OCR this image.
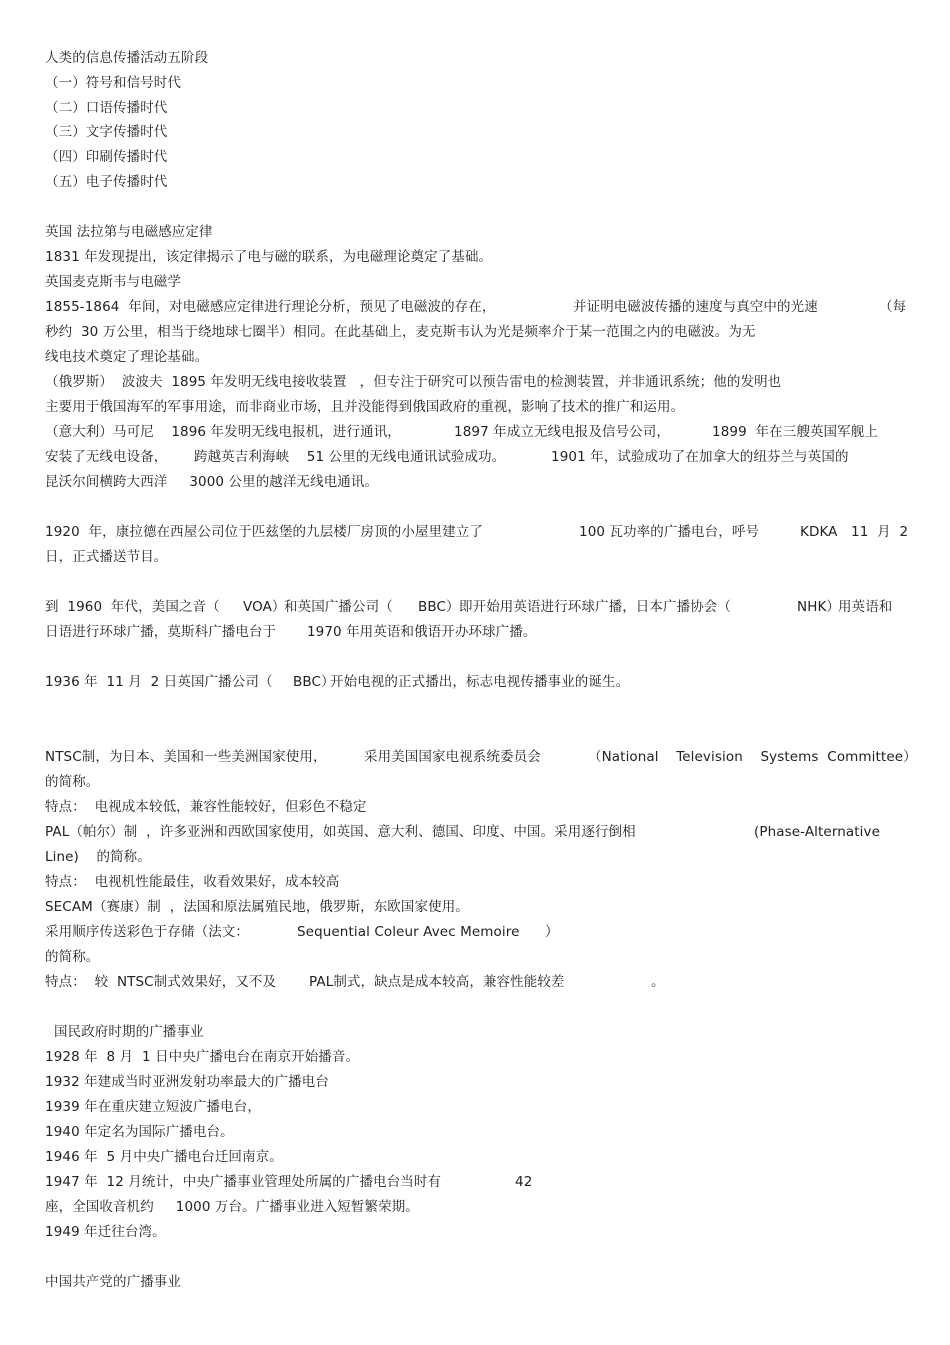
人类的信息传播活动五阶段
（一）符号和信号时代
（二）口语传播时代
（三）文字传播时代
（四）印刷传播时代
（五）电子传播时代
英国 法拉第与电磁感应定律
1831 年发现提出，该定律揭示了电与磁的联系，为电磁理论奠定了基础。
英国麦克斯韦与电磁学
1855-1864  年间，对电磁感应定律进行理论分析，预见了电磁波的存在，	并证明电磁波传播的速度与真空中的光速	（每
秒约  30 万公里，相当于绕地球七圈半）相同。在此基础上，麦克斯韦认为光是频率介于某一范围之内的电磁波。为无
线电技术奠定了理论基础。
（俄罗斯）  波波夫  1895 年发明无线电接收装置   ，但专注于研究可以预告雷电的检测装置，并非通讯系统；他的发明也
主要用于俄国海军的军事用途，而非商业市场，且并没能得到俄国政府的重视，影响了技术的推广和运用。
（意大利）马可尼    1896 年发明无线电报机，进行通讯，	1897 年成立无线电报及信号公司，	1899  年在三艘英国军舰上
安装了无线电设备， 跨越英吉利海峡    51 公里的无线电通讯试验成功。	1901 年，试验成功了在加拿大的纽芬兰与英国的
昆沃尔间横跨大西洋     3000 公里的越洋无线电通讯。
1920  年，康拉德在西屋公司位于匹兹堡的九层楼厂房顶的小屋里建立了	100 瓦功率的广播电台，呼号	KDKA 11  月  2
日，正式播送节目。
到  1960  年代，美国之音（ VOA）
和英国广播公司（ BBC） 即开始用英语进行环球广播，日本广播协会（	NHK）
用英语和
日语进行环球广播，莫斯科广播电台于       1970 年用英语和俄语开办环球广播。
1936 年  11 月  2 日英国广播公司（ BBC）
开始电视的正式播出，标志电视传播事业的诞生。
NTSC制，为日本、美国和一些美洲国家使用，	采用美国国家电视系统委员会	（National    Television    Systems  Committee）
的简称。
特点：  电视成本较低，兼容性能较好，但彩色不稳定
PAL（帕尔）制  ，许多亚洲和西欧国家使用，如英国、意大利、德国、印度、中国。采用逐行倒相	(Phase-Alternative
Line)    的简称。
特点：  电视机性能最佳，收看效果好，成本较高
SECAM（赛康）制  ，法国和原法属殖民地，俄罗斯，东欧国家使用。
采用顺序传送彩色于存储（法文：	Sequential Coleur Avec Memoire ）
的简称。
特点：  较  NTSC制式效果好，又不及 PAL制式，缺点是成本较高，兼容性能较差	。
国民政府时期的广播事业
1928 年  8 月  1 日中央广播电台在南京开始播音。
1932 年建成当时亚洲发射功率最大的广播电台
1939 年在重庆建立短波广播电台，
1940 年定名为国际广播电台。
1946 年  5 月中央广播电台迁回南京。
1947 年  12 月统计，中央广播事业管理处所属的广播电台当时有	42
座，全国收音机约     1000 万台。广播事业进入短暂繁荣期。
1949 年迁往台湾。
中国共产党的广播事业
